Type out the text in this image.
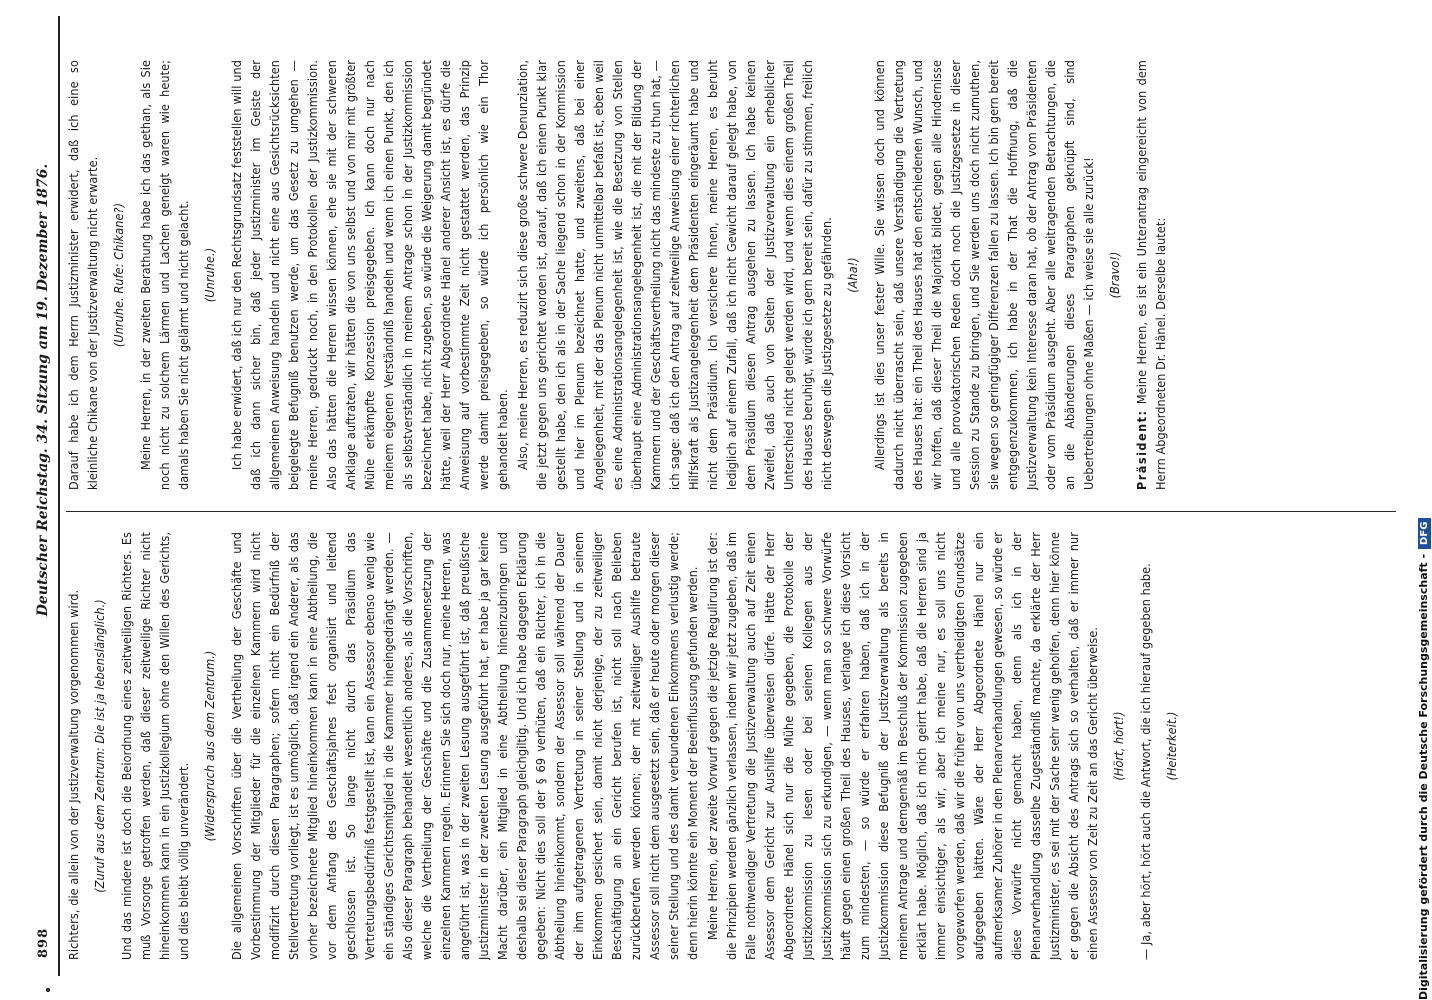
898
Deutscher Reichstag. 34. Sitzung am 19. Dezember 1876.

Richters, die allein von der Justizverwaltung vorgenommen wird. (Zuruf aus dem Zentrum: Die ist ja lebenslänglich.) Und das mindere ist doch die Beiordnung eines zeitweiligen Richters. Es muß Vorsorge getroffen werden, daß dieser zeitweilige Richter nicht hineinkommen kann in ein Justizkollegium ohne den Willen des Gerichts, und dies bleibt völlig unverändert.

(Widerspruch aus dem Zentrum.) Die allgemeinen Vorschriften über die Vertheilung der Geschäfte und Vorbestimmung der Mitglieder für die einzelnen Kammern wird nicht modifizirt durch diesen Paragraphen; sofern nicht ein Bedürfniß der Stellvertretung vorliegt, ist es unmöglich, daß irgend ein Anderer, als das vorher bezeichnete Mitglied hineinkommen kann in eine Abtheilung, die vor dem Anfang des Geschäftsjahres fest organisirt und leitend geschlossen ist. So lange nicht durch das Präsidium das Vertretungsbedürfniß festgestellt ist, kann ein Assessor ebenso wenig wie ein ständiges Gerichtsmitglied in die Kammer hineingedrängt werden. — Also dieser Paragraph behandelt wesentlich anderes, als die Vorschriften, welche die Vertheilung der Geschäfte und die Zusammensetzung der einzelnen Kammern regeln. Erinnern Sie sich doch nur, meine Herren, was angeführt ist, was in der zweiten Lesung ausgeführt ist, daß preußische Justizminister in der zweiten Lesung ausgeführt hat, er habe ja gar keine Macht darüber, ein Mitglied in eine Abtheilung hineinzubringen und deshalb sei dieser Paragraph gleichgiltig. Und ich habe dagegen Erklärung gegeben: Nicht dies soll der § 69 verhüten, daß ein Richter, ich in die Abtheilung hineinkommt, sondern der Assessor soll während der Dauer der ihm aufgetragenen Vertretung in seiner Stellung und in seinem Einkommen gesichert sein, damit nicht derjenige, der zu zeitweiliger Beschäftigung an ein Gericht berufen ist, nicht soll nach Belieben zurückberufen werden können; der mit zeitweiliger Aushilfe betraute Assessor soll nicht dem ausgesetzt sein, daß er heute oder morgen dieser seiner Stellung und des damit verbundenen Einkommens verlustig werde; denn hierin könnte ein Moment der Beeinflussung gefunden werden. Meine Herren, der zweite Vorwurf gegen die jetzige Regulirung ist der: die Prinzipien werden gänzlich verlassen, indem wir jetzt zugeben, daß im Falle nothwendiger Vertretung die Justizverwaltung auch auf Zeit einen Assessor dem Gericht zur Aushilfe überweisen dürfe. Hätte der Herr Abgeordnete Hänel sich nur die Mühe gegeben, die Protokolle der Justizkommission zu lesen oder bei seinen Kollegen aus der Justizkommission sich zu erkundigen, — wenn man so schwere Vorwürfe häuft gegen einen großen Theil des Hauses, verlange ich diese Vorsicht zum mindesten, — so würde er erfahren haben, daß ich in der Justizkommission diese Befugniß der Justizverwaltung als bereits in meinem Antrage und demgemäß im Beschluß der Kommission zugegeben erklärt habe. Möglich, daß ich mich geirrt habe, daß die Herren sind ja immer einsichtiger, als wir, aber ich meine nur, es soll uns nicht vorgeworfen werden, daß wir die früher von uns vertheidigten Grundsätze aufgegeben hätten. Wäre der Herr Abgeordnete Hänel nur ein aufmerksamer Zuhörer in den Plenarverhandlungen gewesen, so würde er diese Vorwürfe nicht gemacht haben, denn als ich in der Plenarverhandlung dasselbe Zugeständniß machte, da erklärte der Herr Justizminister, es sei mit der Sache sehr wenig geholfen, denn hier könne er gegen die Absicht des Antrags sich so verhalten, daß er immer nur einen Assessor von Zeit zu Zeit an das Gericht überweise. (Hört, hört!) — Ja, aber hört, hört auch die Antwort, die ich hierauf gegeben habe. (Heiterkeit.)

Darauf habe ich dem Herrn Justizminister erwidert, daß ich eine so kleinliche Chikane von der Justizverwaltung nicht erwarte. (Unruhe. Rufe: Chikane?) Meine Herren, in der zweiten Berathung habe ich das gethan, als Sie noch nicht zu solchem Lärmen und Lachen geneigt waren wie heute; damals haben Sie nicht gelärmt und nicht gelacht. (Unruhe.) Ich habe erwidert, daß ich nur den Rechtsgrundsatz feststellen will und daß ich dann sicher bin, daß jeder Justizminister im Geiste der allgemeinen Anweisung handeln und nicht eine aus Gesichtsrücksichten beigelegte Befugniß benutzen werde, um das Gesetz zu umgehen — meine Herren, gedruckt noch, in den Protokollen der Justizkommission. Also das hätten die Herren wissen können, ehe sie mit der schweren Anklage auftraten, wir hätten die von uns selbst und von mir mit größter Mühe erkämpfte Konzession preisgegeben. Ich kann doch nur nach meinem eigenen Verständniß handeln und wenn ich einen Punkt, den ich als selbstverständlich in meinem Antrage schon in der Justizkommission bezeichnet habe, nicht zugeben, so würde die Weigerung damit begründet hätte, weil der Herr Abgeordnete Hänel anderer Ansicht ist, es dürfe die Anweisung auf vorbestimmte Zeit nicht gestattet werden, das Prinzip werde damit preisgegeben, so würde ich persönlich wie ein Thor gehandelt haben. Also, meine Herren, es reduzirt sich diese große schwere Denunziation, die jetzt gegen uns gerichtet worden ist, darauf, daß ich einen Punkt klar gestellt habe, den ich als in der Sache liegend schon in der Kommission und hier im Plenum bezeichnet hatte, und zweitens, daß bei einer Angelegenheit, mit der das Plenum nicht unmittelbar befaßt ist, eben weil es eine Administrationsangelegenheit ist, wie die Besetzung von Stellen überhaupt eine Administrationsangelegenheit ist, die mit der Bildung der Kammern und der Geschäftsvertheilung nicht das mindeste zu thun hat, — ich sage: daß ich den Antrag auf zeitweilige Anweisung einer richterlichen Hilfskraft als Justizangelegenheit dem Präsidenten eingeräumt habe und nicht dem Präsidium. Ich versichere Ihnen, meine Herren, es beruht lediglich auf einem Zufall, daß ich nicht Gewicht darauf gelegt habe, von dem Präsidium diesen Antrag ausgehen zu lassen. Ich habe keinen Zweifel, daß auch von Seiten der Justizverwaltung ein erheblicher Unterschied nicht gelegt werden wird, und wenn dies einem großen Theil des Hauses beruhigt, würde ich gern bereit sein, dafür zu stimmen, freilich nicht deswegen die Justizgesetze zu gefährden. (Aha!) Allerdings ist dies unser fester Wille. Sie wissen doch und können dadurch nicht überrascht sein, daß unsere Verständigung die Vertretung des Hauses hat: ein Theil des Hauses hat den entschiedenen Wunsch, und wir hoffen, daß dieser Theil die Majorität bildet, gegen alle Hindernisse und alle provokatorischen Reden doch noch die Justizgesetze in dieser Session zu Stande zu bringen, und Sie werden uns doch nicht zumuthen, sie wegen so geringfügiger Differenzen fallen zu lassen. Ich bin gern bereit entgegenzukommen, ich habe in der That die Hoffnung, daß die Justizverwaltung kein Interesse daran hat, ob der Antrag vom Präsidenten oder vom Präsidium ausgeht. Aber alle weitragenden Betrachtungen, die an die Abänderungen dieses Paragraphen geknüpft sind, sind Uebertreibungen ohne Maßen — ich weise sie alle zurück! (Bravo!)

Präsident: Meine Herren, es ist ein Unterantrag eingereicht von dem Herrn Abgeordneten Dr. Hänel. Derselbe lautet:

Digitalisierung gefördert durch die Deutsche Forschungsgemeinschaft -DFG
